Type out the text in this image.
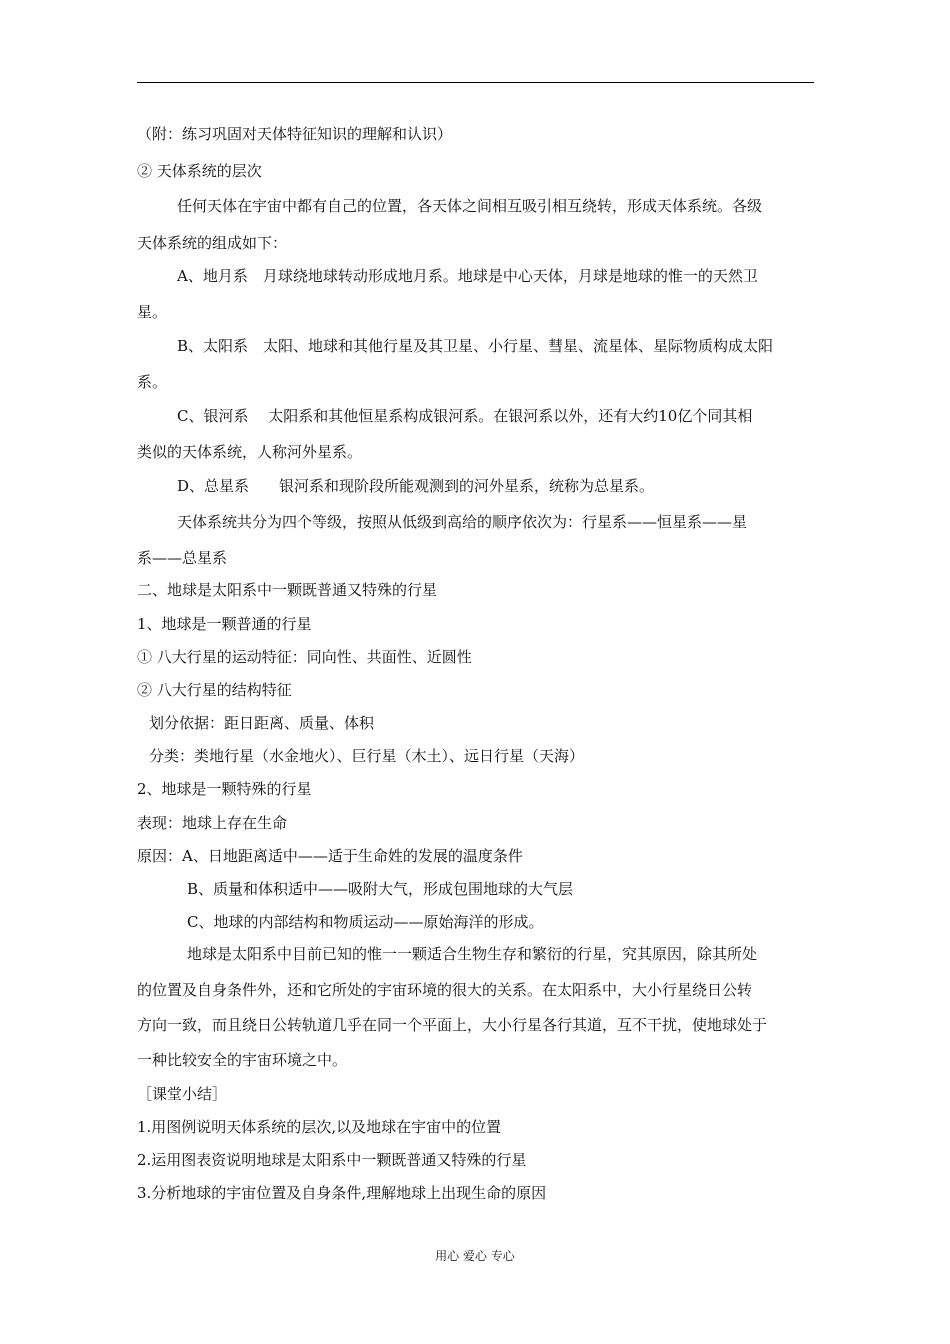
（附：练习巩固对天体特征知识的理解和认识）
② 天体系统的层次
任何天体在宇宙中都有自己的位置，各天体之间相互吸引相互绕转，形成天体系统。各级
天体系统的组成如下：
A、地月系　月球绕地球转动形成地月系。地球是中心天体，月球是地球的惟一的天然卫
星。
B、太阳系　太阳、地球和其他行星及其卫星、小行星、彗星、流星体、星际物质构成太阳
系。
C、银河系　 太阳系和其他恒星系构成银河系。在银河系以外，还有大约10亿个同其相
类似的天体系统，人称河外星系。
D、总星系　　银河系和现阶段所能观测到的河外星系，统称为总星系。
天体系统共分为四个等级，按照从低级到高给的顺序依次为：行星系——恒星系——星
系——总星系
二、地球是太阳系中一颗既普通又特殊的行星
1、地球是一颗普通的行星
① 八大行星的运动特征：同向性、共面性、近圆性
② 八大行星的结构特征
划分依据：距日距离、质量、体积
分类：类地行星（水金地火）、巨行星（木土）、远日行星（天海）
2、地球是一颗特殊的行星
表现：地球上存在生命
原因：A、日地距离适中——适于生命姓的发展的温度条件
B、质量和体积适中——吸附大气，形成包围地球的大气层
C、地球的内部结构和物质运动——原始海洋的形成。
地球是太阳系中目前已知的惟一一颗适合生物生存和繁衍的行星，究其原因，除其所处
的位置及自身条件外，还和它所处的宇宙环境的很大的关系。在太阳系中，大小行星绕日公转
方向一致，而且绕日公转轨道几乎在同一个平面上，大小行星各行其道，互不干扰，使地球处于
一种比较安全的宇宙环境之中。
［课堂小结］
1.用图例说明天体系统的层次,以及地球在宇宙中的位置
2.运用图表资说明地球是太阳系中一颗既普通又特殊的行星
3.分析地球的宇宙位置及自身条件,理解地球上出现生命的原因
用心 爱心 专心
